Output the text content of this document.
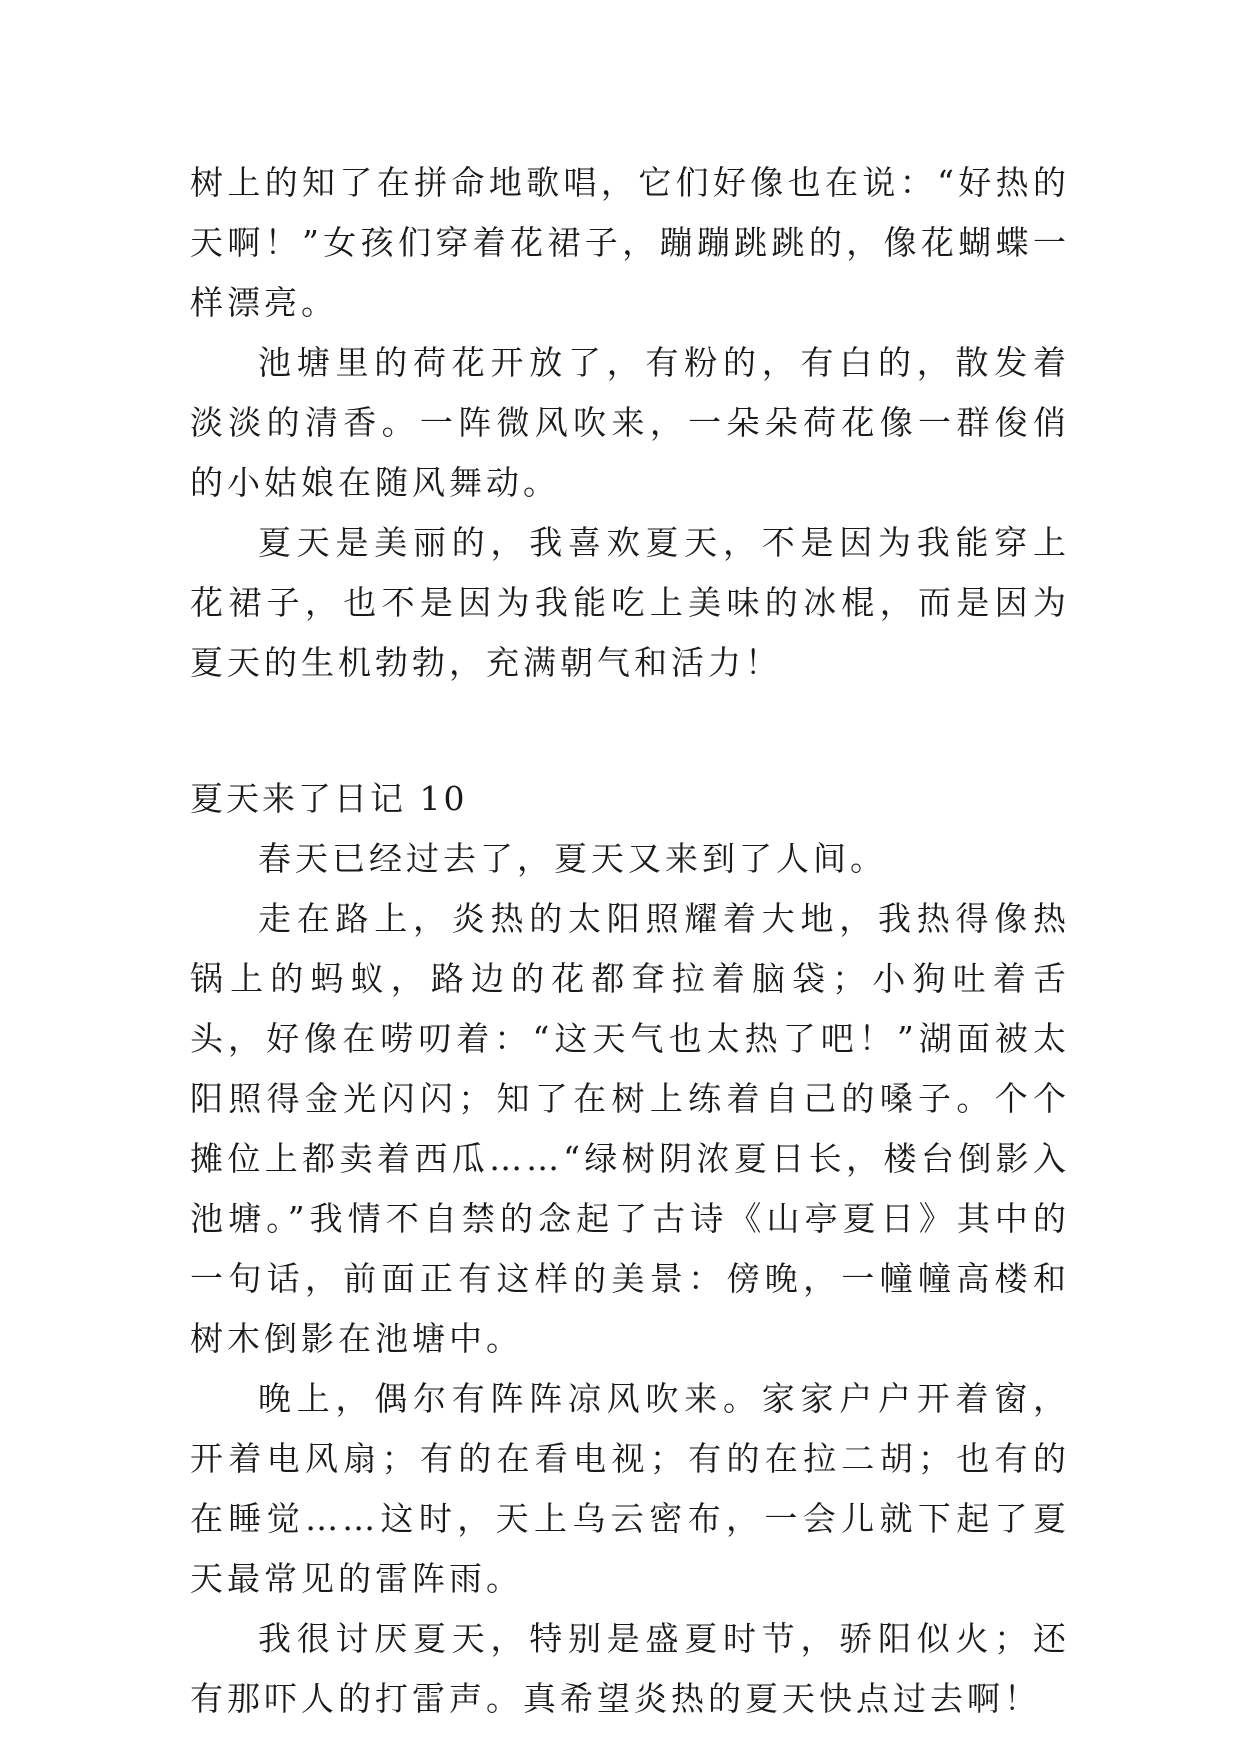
树上的知了在拼命地歌唱，它们好像也在说：“好热的天啊！”女孩们穿着花裙子，蹦蹦跳跳的，像花蝴蝶一样漂亮。

池塘里的荷花开放了，有粉的，有白的，散发着淡淡的清香。一阵微风吹来，一朵朵荷花像一群俊俏的小姑娘在随风舞动。

夏天是美丽的，我喜欢夏天，不是因为我能穿上花裙子，也不是因为我能吃上美味的冰棍，而是因为夏天的生机勃勃，充满朝气和活力！

夏天来了日记 10

春天已经过去了，夏天又来到了人间。

走在路上，炎热的太阳照耀着大地，我热得像热锅上的蚂蚁，路边的花都耷拉着脑袋；小狗吐着舌头，好像在唠叨着：“这天气也太热了吧！”湖面被太阳照得金光闪闪；知了在树上练着自己的嗓子。个个摊位上都卖着西瓜……“绿树阴浓夏日长，楼台倒影入池塘。”我情不自禁的念起了古诗《山亭夏日》其中的一句话，前面正有这样的美景：傍晚，一幢幢高楼和树木倒影在池塘中。

晚上，偶尔有阵阵凉风吹来。家家户户开着窗，开着电风扇；有的在看电视；有的在拉二胡；也有的在睡觉……这时，天上乌云密布，一会儿就下起了夏天最常见的雷阵雨。

我很讨厌夏天，特别是盛夏时节，骄阳似火；还有那吓人的打雷声。真希望炎热的夏天快点过去啊！
